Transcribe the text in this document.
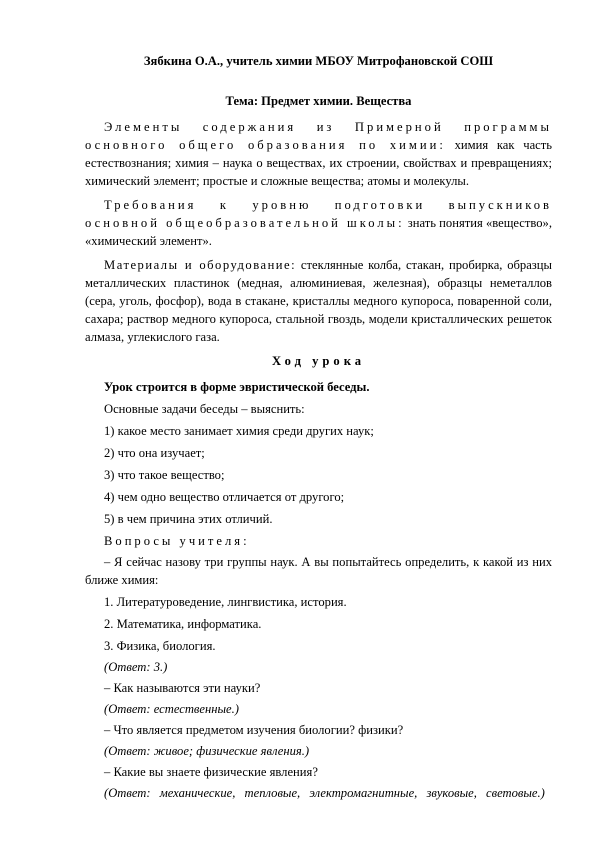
Зябкина О.А., учитель химии МБОУ Митрофановской СОШ

Тема: Предмет химии. Вещества

Элементы содержания из Примерной программы основного общего образования по химии: химия как часть естествознания; химия – наука о веществах, их строении, свойствах и превращениях; химический элемент; простые и сложные вещества; атомы и молекулы.

Требования к уровню подготовки выпускников основной общеобразовательной школы: знать понятия «вещество», «химический элемент».

Материалы и оборудование: стеклянные колба, стакан, пробирка, образцы металлических пластинок (медная, алюминиевая, железная), образцы неметаллов (сера, уголь, фосфор), вода в стакане, кристаллы медного купороса, поваренной соли, сахара; раствор медного купороса, стальной гвоздь, модели кристаллических решеток алмаза, углекислого газа.

Ход урока

Урок строится в форме эвристической беседы.

Основные задачи беседы – выяснить:

1) какое место занимает химия среди других наук;

2) что она изучает;

3) что такое вещество;

4) чем одно вещество отличается от другого;

5) в чем причина этих отличий.

Вопросы учителя:

– Я сейчас назову три группы наук. А вы попытайтесь определить, к какой из них ближе химия:

1. Литературоведение, лингвистика, история.

2. Математика, информатика.

3. Физика, биология.

(Ответ: 3.)

– Как называются эти науки?

(Ответ: естественные.)

– Что является предметом изучения биологии? физики?

(Ответ: живое; физические явления.)

– Какие вы знаете физические явления?

(Ответ: механические, тепловые, электромагнитные, звуковые, световые.)
